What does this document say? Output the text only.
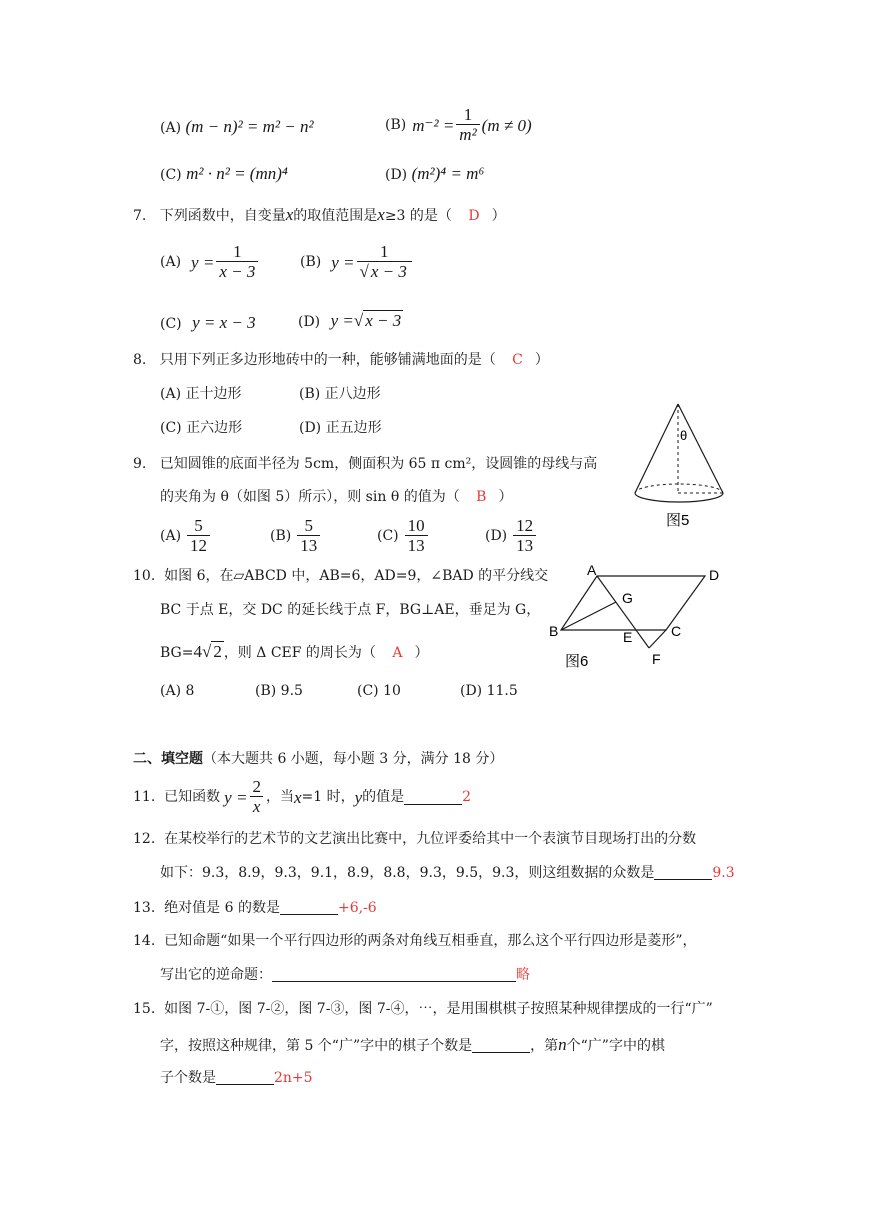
(A) (m − n)² = m² − n²	(B) $m^{-2} = \frac{1}{\text{m²}} (m \ne 0)$
(C) m² · n² = (mn)⁴	(D) (m²)⁴ = m⁶
7. 下列函数中，自变量x的取值范围是x≥3 的是（ D ）
(A) $y = \frac{1}{x - 3}$	(B) $y = \frac{1}{√ x - 3}$
(C) y = x − 3	(D) y =√ x − 3
8. 只用下列正多边形地砖中的一种，能够铺满地面的是（ C ）
(A) 正十边形	(B) 正八边形
(C) 正六边形	(D) 正五边形	θ
图5
9. 已知圆锥的底面半径为 5cm，侧面积为 65 π cm²，设圆锥的母线与高
的夹角为 θ（如图 5）所示），则 sin θ 的值为（ B ）
$(A) \frac{5}{12}$	$(B) \frac{5}{13}$	$(C) \frac{10}{13}$	$(D) \frac{12}{13}$
A	D
B	C
G
E
F
图6
10. 如图 6，在▱ABCD 中，AB=6，AD=9，∠BAD 的平分线交
BC 于点 E，交 DC 的延长线于点 F，BG⊥AE，垂足为 G，
BG=4√ 2 ，则 Δ CEF 的周长为（ A ）
(A) 8	(B) 9.5	(C) 10	(D) 11.5
二、填空题（本大题共 6 小题，每小题 3 分，满分 18 分）
11.
已知函数 $y = \frac{2}{x}$ ，当 x =1 时， y 的值是	2
12. 在某校举行的艺术节的文艺演出比赛中，九位评委给其中一个表演节目现场打出的分数
如下：9.3，8.9，9.3，9.1，8.9，8.8，9.3，9.5，9.3，则这组数据的众数是	9.3
13. 绝对值是 6 的数是	+6,-6
14. 已知命题“如果一个平行四边形的两条对角线互相垂直，那么这个平行四边形是菱形”，
写出它的逆命题：	略
15. 如图 7-①，图 7-②，图 7-③，图 7-④，⋯，是用围棋棋子按照某种规律摆成的一行“广”
字，按照这种规律，第 5 个“广”字中的棋子个数是	，第n个“广”字中的棋
子个数是	2n+5
